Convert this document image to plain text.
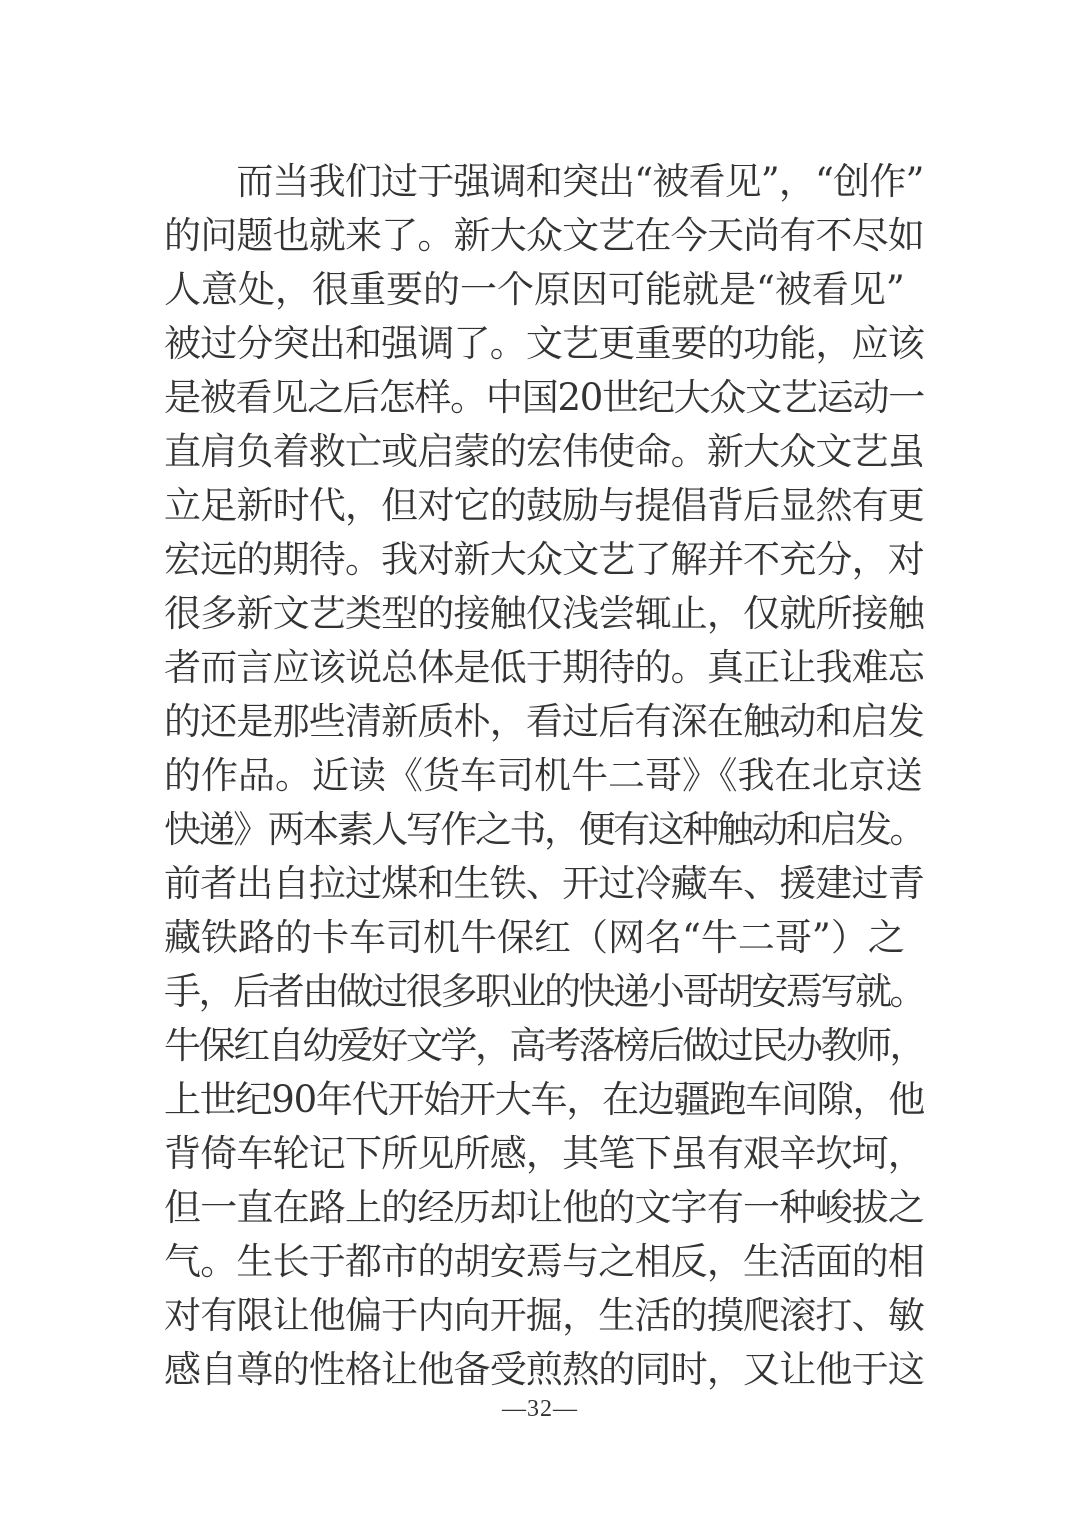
　　而当我们过于强调和突出“被看见”，“创作”
的问题也就来了。新大众文艺在今天尚有不尽如
人意处，很重要的一个原因可能就是“被看见”
被过分突出和强调了。文艺更重要的功能，应该
是被看见之后怎样。中国20世纪大众文艺运动一
直肩负着救亡或启蒙的宏伟使命。新大众文艺虽
立足新时代，但对它的鼓励与提倡背后显然有更
宏远的期待。我对新大众文艺了解并不充分，对
很多新文艺类型的接触仅浅尝辄止，仅就所接触
者而言应该说总体是低于期待的。真正让我难忘
的还是那些清新质朴，看过后有深在触动和启发
的作品。近读《货车司机牛二哥》《我在北京送
快递》两本素人写作之书，便有这种触动和启发。
前者出自拉过煤和生铁、开过冷藏车、援建过青
藏铁路的卡车司机牛保红（网名“牛二哥”）之
手，后者由做过很多职业的快递小哥胡安焉写就。
牛保红自幼爱好文学，高考落榜后做过民办教师，
上世纪90年代开始开大车，在边疆跑车间隙，他
背倚车轮记下所见所感，其笔下虽有艰辛坎坷，
但一直在路上的经历却让他的文字有一种峻拔之
气。生长于都市的胡安焉与之相反，生活面的相
对有限让他偏于内向开掘，生活的摸爬滚打、敏
感自尊的性格让他备受煎熬的同时，又让他于这
—32—
